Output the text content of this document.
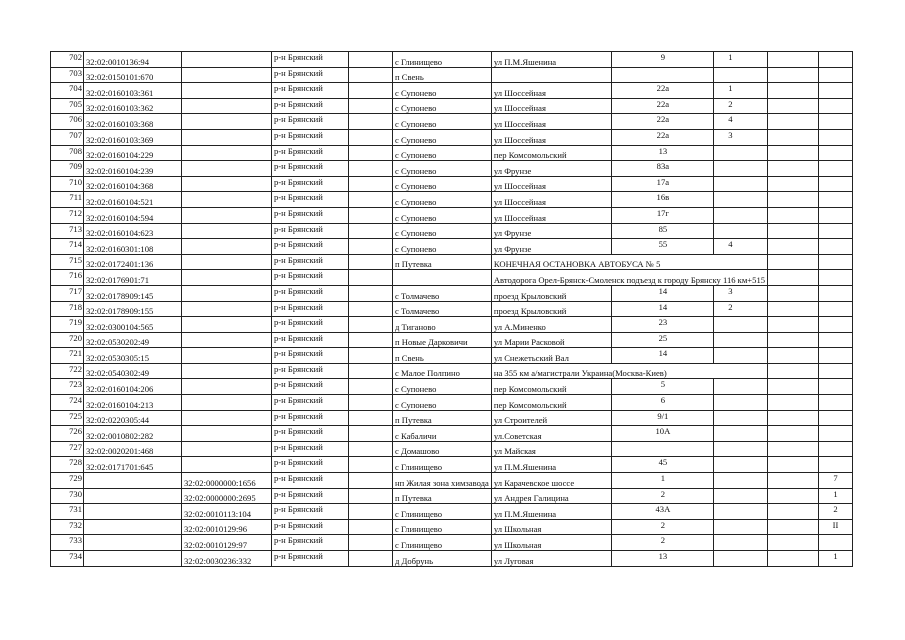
702	32:02:0010136:94		р-н Брянский		с Глинищево	ул П.М.Яшенина	9	1		
703	32:02:0150101:670		р-н Брянский		п Свень					
704	32:02:0160103:361		р-н Брянский		с Супонево	ул Шоссейная	22а	1		
705	32:02:0160103:362		р-н Брянский		с Супонево	ул Шоссейная	22а	2		
706	32:02:0160103:368		р-н Брянский		с Супонево	ул Шоссейная	22а	4		
707	32:02:0160103:369		р-н Брянский		с Супонево	ул Шоссейная	22а	3		
708	32:02:0160104:229		р-н Брянский		с Супонево	пер Комсомольский	13			
709	32:02:0160104:239		р-н Брянский		с Супонево	ул Фрунзе	83а			
710	32:02:0160104:368		р-н Брянский		с Супонево	ул Шоссейная	17а			
711	32:02:0160104:521		р-н Брянский		с Супонево	ул Шоссейная	16в			
712	32:02:0160104:594		р-н Брянский		с Супонево	ул Шоссейная	17г			
713	32:02:0160104:623		р-н Брянский		с Супонево	ул Фрунзе	85			
714	32:02:0160301:108		р-н Брянский		с Супонево	ул Фрунзе	55	4		
715	32:02:0172401:136		р-н Брянский		п Путевка	КОНЕЧНАЯ ОСТАНОВКА АВТОБУСА № 5				
716	32:02:0176901:71		р-н Брянский			Автодорога Орел-Брянск-Смоленск подъезд к городу Брянску 116 км+515				
717	32:02:0178909:145		р-н Брянский		с Толмачево	проезд Крыловский	14	3		
718	32:02:0178909:155		р-н Брянский		с Толмачево	проезд Крыловский	14	2		
719	32:02:0300104:565		р-н Брянский		д Тиганово	ул А.Миненко	23			
720	32:02:0530202:49		р-н Брянский		п Новые Дарковичи	ул Марии Расковой	25			
721	32:02:0530305:15		р-н Брянский		п Свень	ул Снежетьский Вал	14			
722	32:02:0540302:49		р-н Брянский		с Малое Полпино	на 355 км а/магистрали Украина(Москва-Киев)				
723	32:02:0160104:206		р-н Брянский		с Супонево	пер Комсомольский	5			
724	32:02:0160104:213		р-н Брянский		с Супонево	пер Комсомольский	6			
725	32:02:0220305:44		р-н Брянский		п Путевка	ул Строителей	9/1			
726	32:02:0010802:282		р-н Брянский		с Кабаличи	ул.Советская	10А			
727	32:02:0020201:468		р-н Брянский		с Домашово	ул Майская				
728	32:02:0171701:645		р-н Брянский		с Глинищево	ул П.М.Яшенина	45			
729		32:02:0000000:1656	р-н Брянский		нп Жилая зона химзавода	ул Карачевское шоссе	1			7
730		32:02:0000000:2695	р-н Брянский		п Путевка	ул Андрея Галицина	2			1
731		32:02:0010113:104	р-н Брянский		с Глинищево	ул П.М.Яшенина	43А			2
732		32:02:0010129:96	р-н Брянский		с Глинищево	ул Школьная	2			II
733		32:02:0010129:97	р-н Брянский		с Глинищево	ул Школьная	2			
734		32:02:0030236:332	р-н Брянский		д Добрунь	ул Луговая	13			1
